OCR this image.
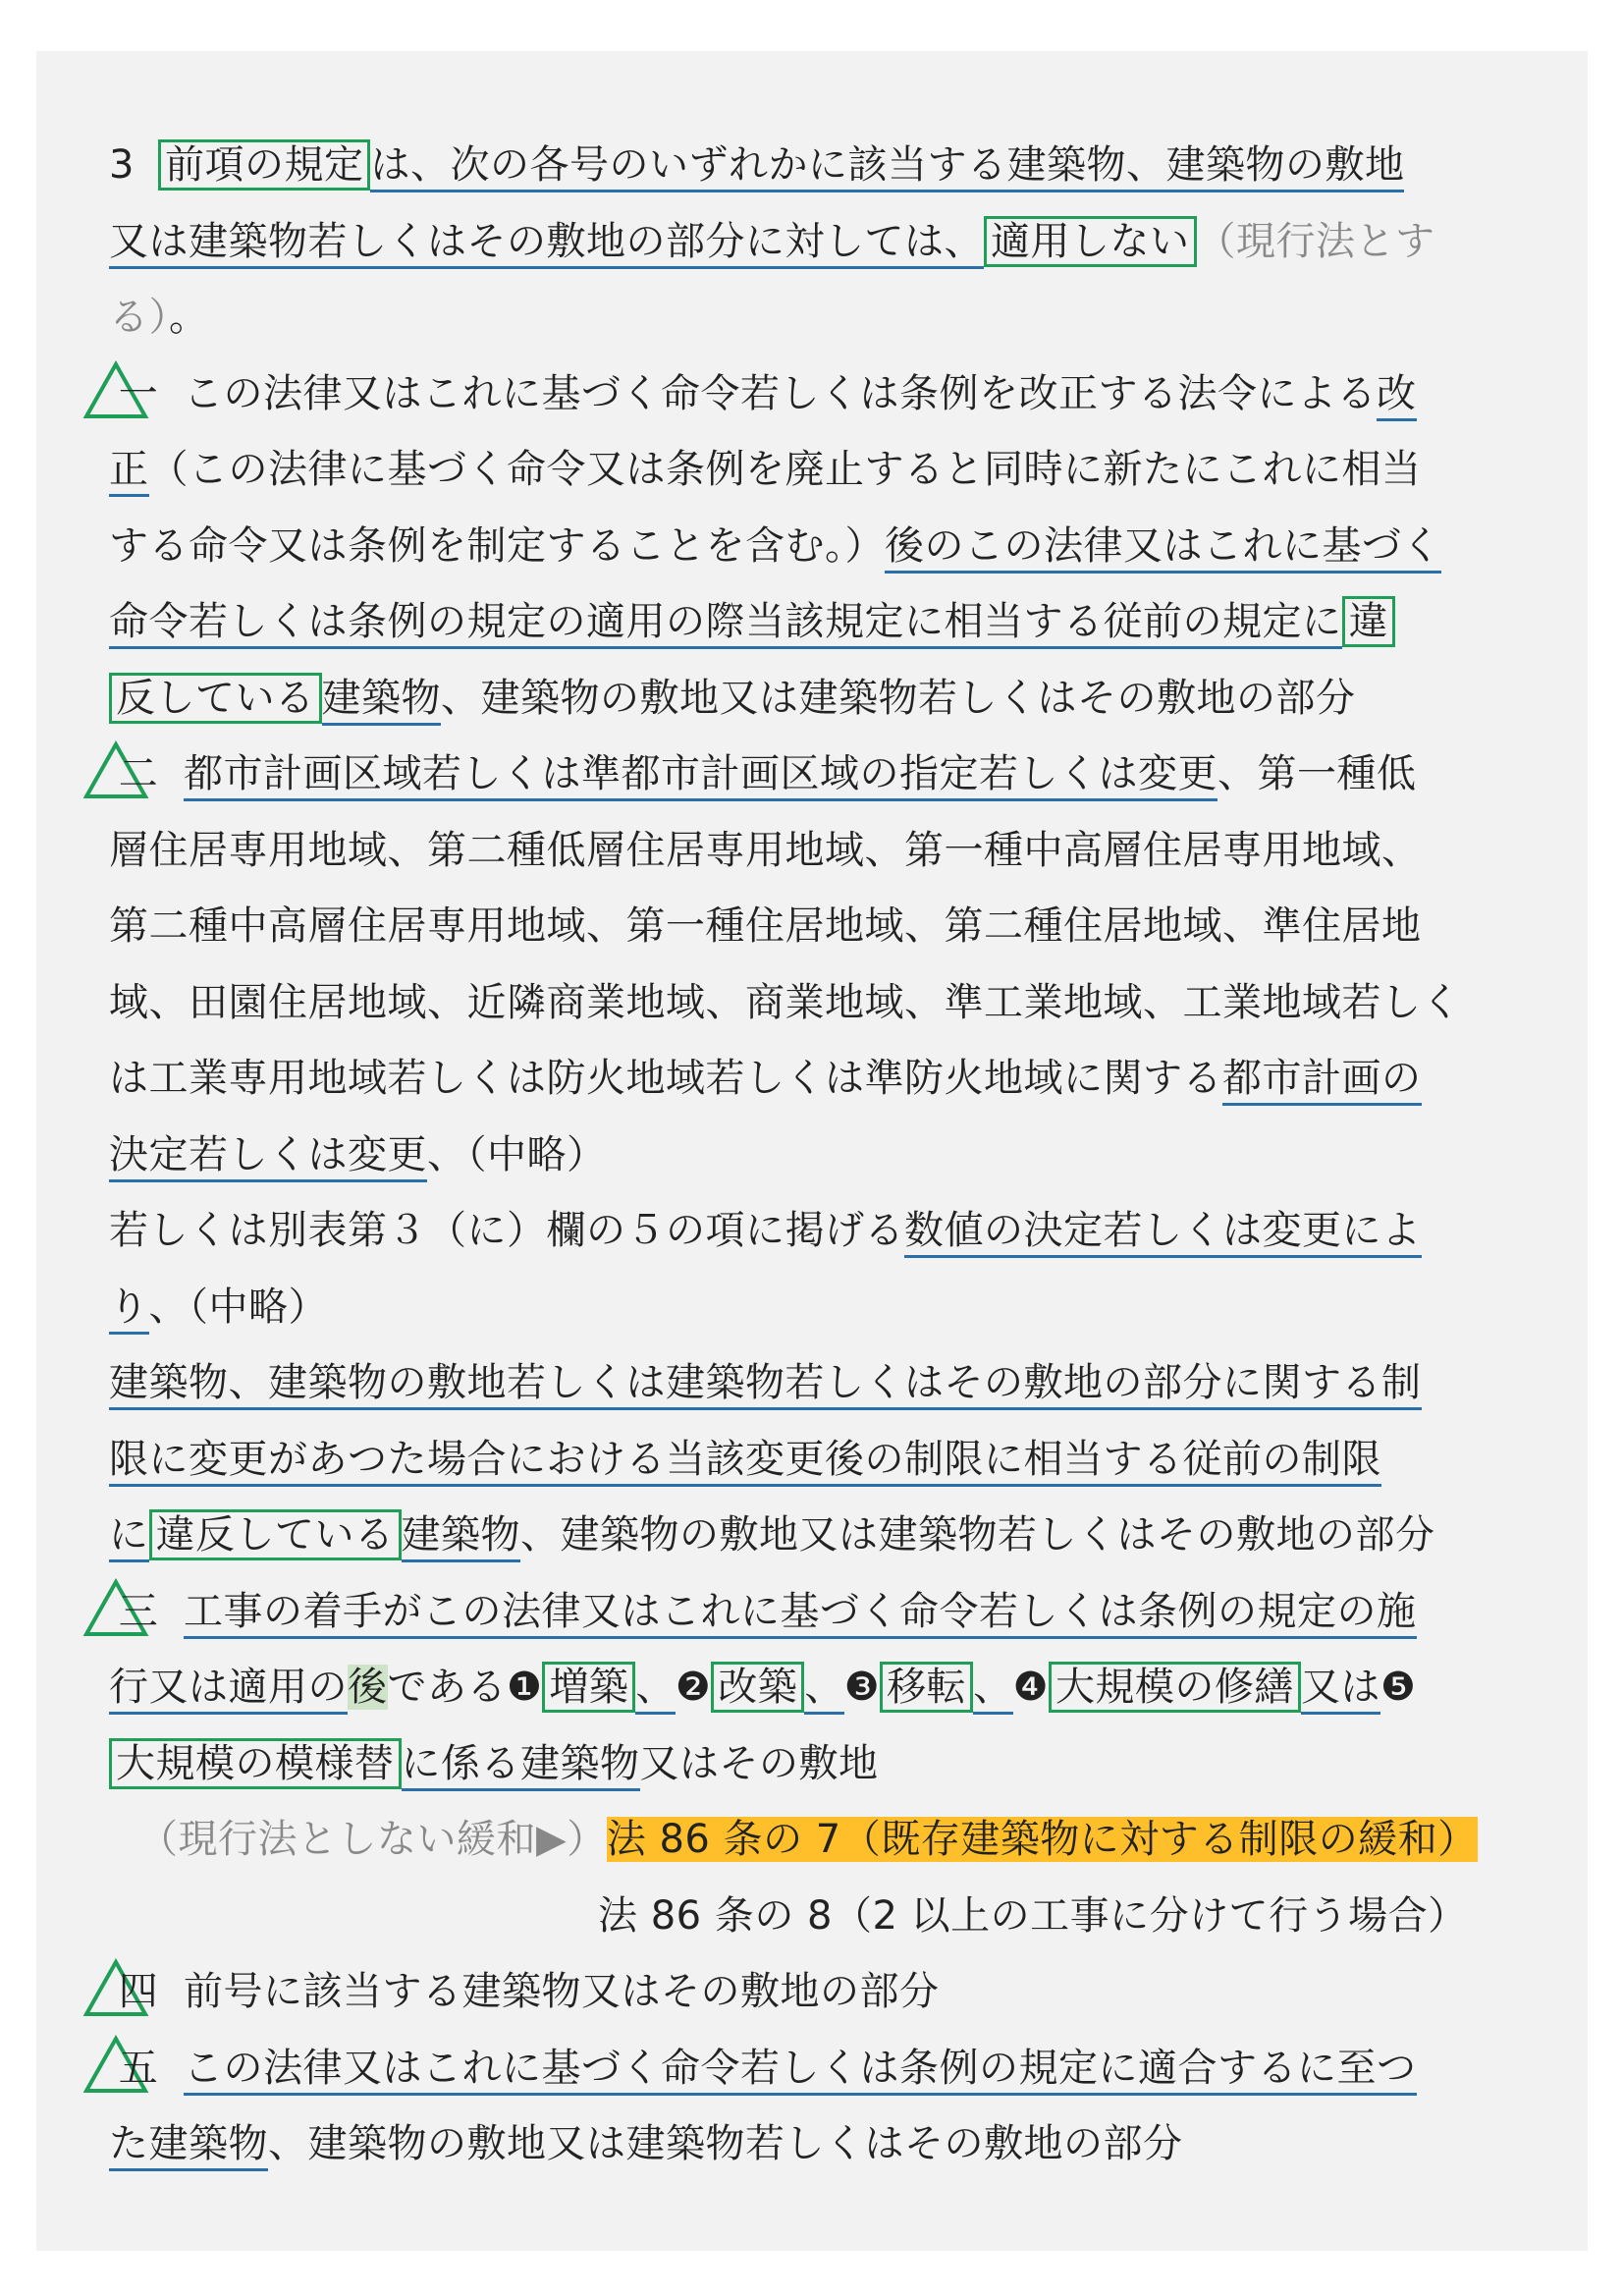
3 前項の規定 は、次の各号のいずれかに該当する建築物、建築物の敷地
又は建築物若しくはその敷地の部分に対しては、 適用しない （現行法とす
る）。
一 この法律又はこれに基づく命令若しくは条例を改正する法令による改
正（この法律に基づく命令又は条例を廃止すると同時に新たにこれに相当
する命令又は条例を制定することを含む。）後のこの法律又はこれに基づく
命令若しくは条例の規定の適用の際当該規定に相当する従前の規定に 違
反している 建築物、建築物の敷地又は建築物若しくはその敷地の部分
二 都市計画区域若しくは準都市計画区域の指定若しくは変更、第一種低
層住居専用地域、第二種低層住居専用地域、第一種中高層住居専用地域、
第二種中高層住居専用地域、第一種住居地域、第二種住居地域、準住居地
域、田園住居地域、近隣商業地域、商業地域、準工業地域、工業地域若しく
は工業専用地域若しくは防火地域若しくは準防火地域に関する都市計画の
決定若しくは変更、（中略）
若しくは別表第３（に）欄の５の項に掲げる数値の決定若しくは変更によ
り、（中略）
建築物、建築物の敷地若しくは建築物若しくはその敷地の部分に関する制
限に変更があつた場合における当該変更後の制限に相当する従前の制限
に 違反している 建築物、建築物の敷地又は建築物若しくはその敷地の部分
三 工事の着手がこの法律又はこれに基づく命令若しくは条例の規定の施
行又は適用の後である❶ 増築 、❷ 改築 、❸ 移転 、❹ 大規模の修繕 又は❺
大規模の模様替 に係る建築物又はその敷地
（現行法としない緩和▶）法 86 条の 7（既存建築物に対する制限の緩和）
法 86 条の 8（2 以上の工事に分けて行う場合）
四 前号に該当する建築物又はその敷地の部分
五 この法律又はこれに基づく命令若しくは条例の規定に適合するに至つ
た建築物、建築物の敷地又は建築物若しくはその敷地の部分
